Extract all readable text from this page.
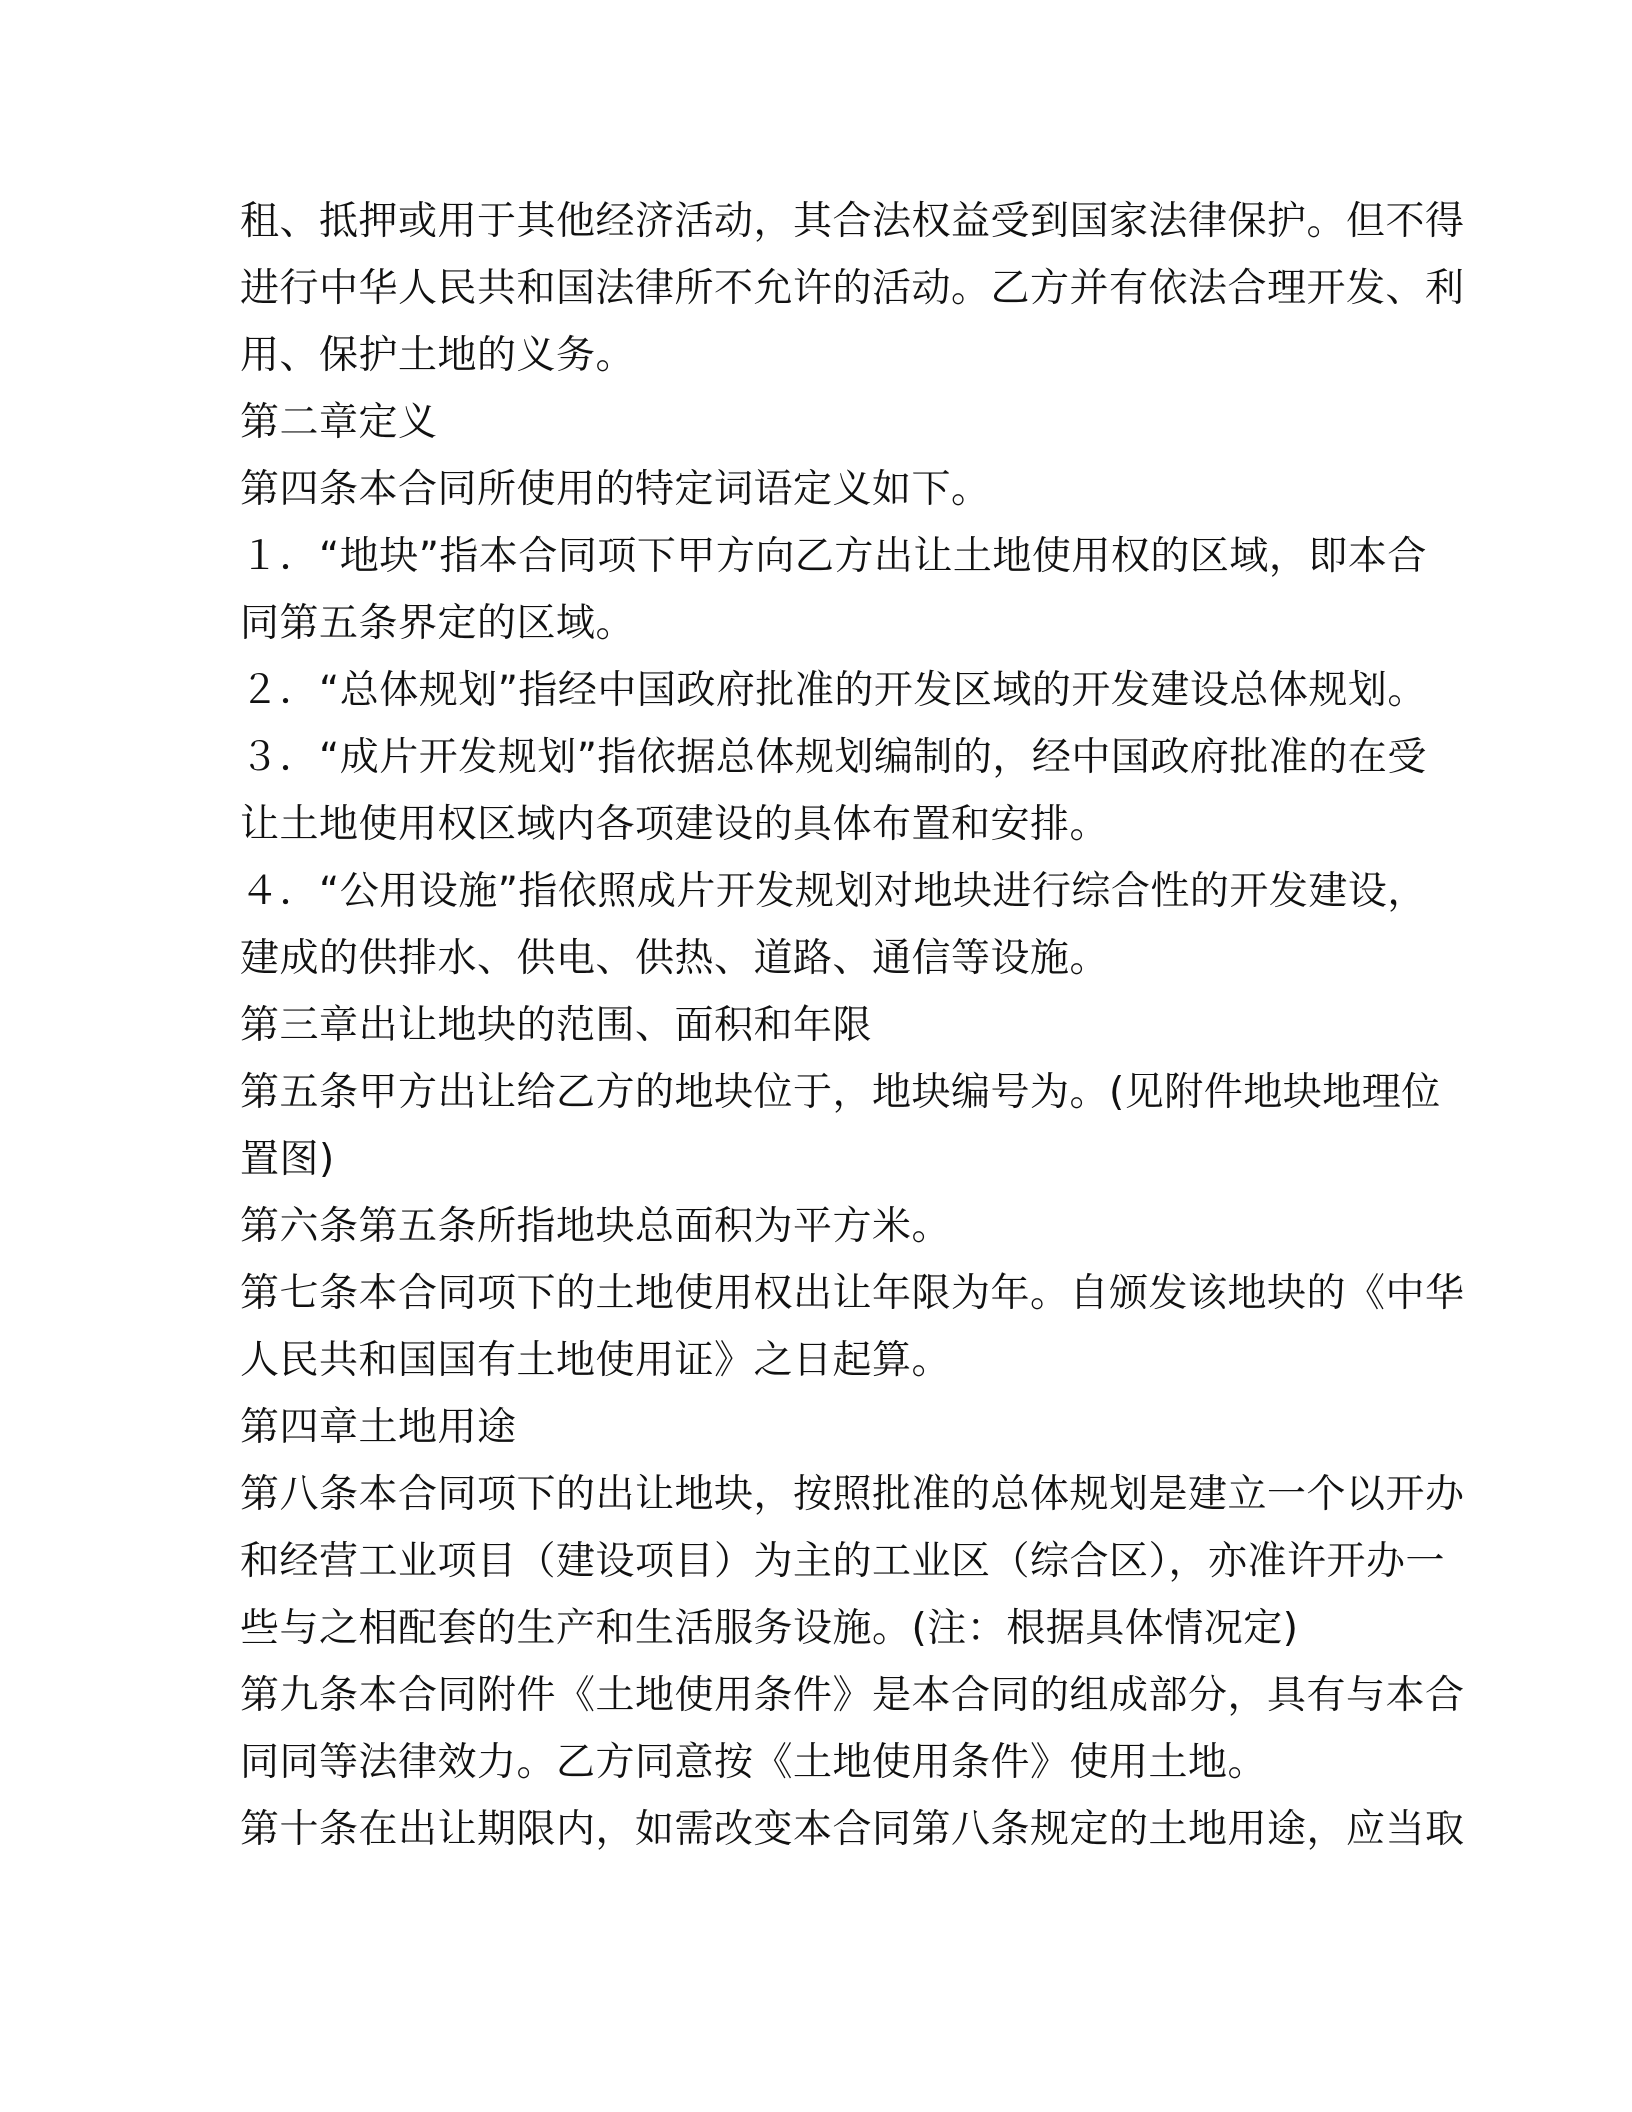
租、抵押或用于其他经济活动，其合法权益受到国家法律保护。但不得
进行中华人民共和国法律所不允许的活动。乙方并有依法合理开发、利
用、保护土地的义务。
第二章定义
第四条本合同所使用的特定词语定义如下。
１．“地块”指本合同项下甲方向乙方出让土地使用权的区域，即本合
同第五条界定的区域。
２．“总体规划”指经中国政府批准的开发区域的开发建设总体规划。
３．“成片开发规划”指依据总体规划编制的，经中国政府批准的在受
让土地使用权区域内各项建设的具体布置和安排。
４．“公用设施”指依照成片开发规划对地块进行综合性的开发建设，
建成的供排水、供电、供热、道路、通信等设施。
第三章出让地块的范围、面积和年限
第五条甲方出让给乙方的地块位于，地块编号为。(见附件地块地理位
置图)
第六条第五条所指地块总面积为平方米。
第七条本合同项下的土地使用权出让年限为年。自颁发该地块的《中华
人民共和国国有土地使用证》之日起算。
第四章土地用途
第八条本合同项下的出让地块，按照批准的总体规划是建立一个以开办
和经营工业项目（建设项目）为主的工业区（综合区），亦准许开办一
些与之相配套的生产和生活服务设施。(注：根据具体情况定)
第九条本合同附件《土地使用条件》是本合同的组成部分，具有与本合
同同等法律效力。乙方同意按《土地使用条件》使用土地。
第十条在出让期限内，如需改变本合同第八条规定的土地用途，应当取
